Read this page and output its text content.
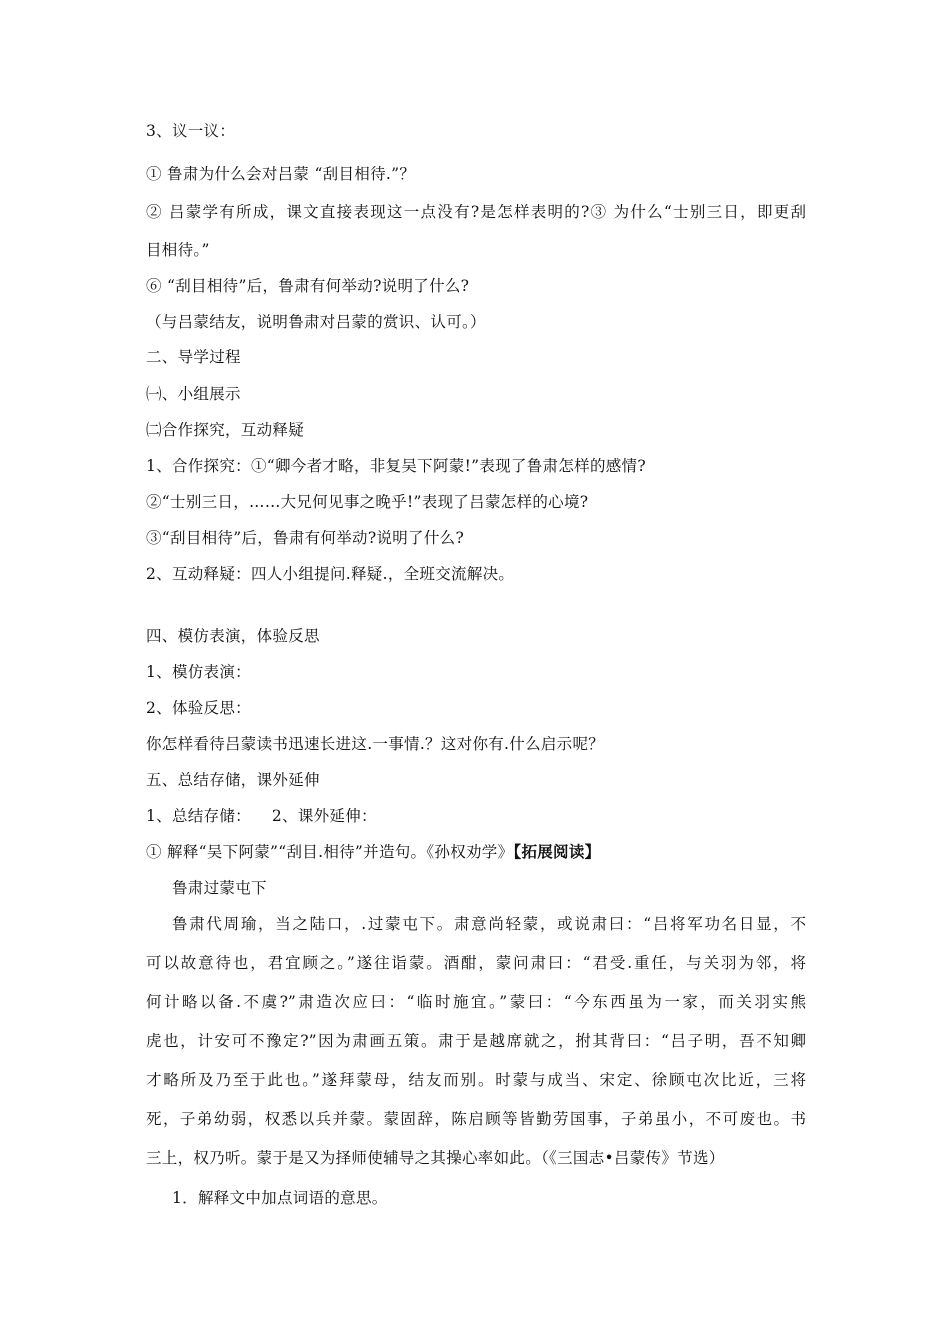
3、议一议：
① 鲁肃为什么会对吕蒙 “刮目相待.”？
② 吕蒙学有所成，课文直接表现这一点没有?是怎样表明的?③ 为什么“士别三日，即更刮
目相待。”
⑥ “刮目相待”后，鲁肃有何举动?说明了什么?
（与吕蒙结友，说明鲁肃对吕蒙的赏识、认可。）
二、导学过程
㈠、小组展示
㈡合作探究，互动释疑
1、合作探究：①“卿今者才略，非复吴下阿蒙!”表现了鲁肃怎样的感情?
②“士别三日，……大兄何见事之晚乎!”表现了吕蒙怎样的心境?
③“刮目相待”后，鲁肃有何举动?说明了什么?
2、互动释疑：四人小组提问.释疑.，全班交流解决。
四、模仿表演，体验反思
1、模仿表演：
2、体验反思：
你怎样看待吕蒙读书迅速长进这.一事情.？这对你有.什么启示呢？
五、总结存储，课外延伸
1、总结存储：    2、课外延伸：
① 解释“吴下阿蒙”“刮目.相待”并造句。《孙权劝学》【拓展阅读】
鲁肃过蒙屯下
鲁肃代周瑜，当之陆口，.过蒙屯下。肃意尚轻蒙，或说肃曰：“吕将军功名日显，不
可以故意待也，君宜顾之。”遂往诣蒙。酒酣，蒙问肃曰：“君受.重任，与关羽为邻，将
何计略以备.不虞?”肃造次应曰：“临时施宜。”蒙曰：“今东西虽为一家，而关羽实熊
虎也，计安可不豫定?”因为肃画五策。肃于是越席就之，拊其背曰：“吕子明，吾不知卿
才略所及乃至于此也。”遂拜蒙母，结友而别。时蒙与成当、宋定、徐顾屯次比近，三将
死，子弟幼弱，权悉以兵并蒙。蒙固辞，陈启顾等皆勤劳国事，子弟虽小，不可废也。书
三上，权乃听。蒙于是又为择师使辅导之其操心率如此。（《三国志•吕蒙传》节选）
1．解释文中加点词语的意思。
